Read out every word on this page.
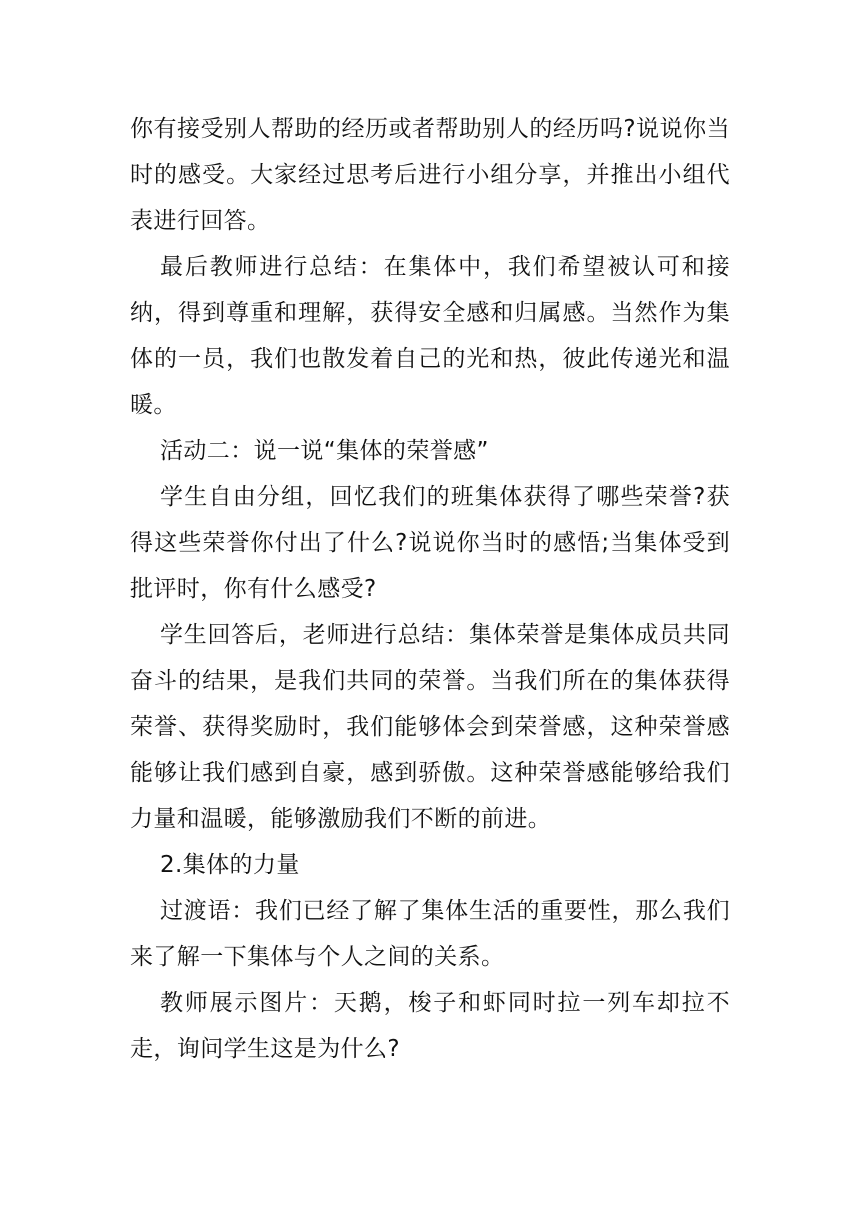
你有接受别人帮助的经历或者帮助别人的经历吗?说说你当时的感受。大家经过思考后进行小组分享，并推出小组代表进行回答。

最后教师进行总结：在集体中，我们希望被认可和接纳，得到尊重和理解，获得安全感和归属感。当然作为集体的一员，我们也散发着自己的光和热，彼此传递光和温暖。

活动二：说一说“集体的荣誉感”

学生自由分组，回忆我们的班集体获得了哪些荣誉?获得这些荣誉你付出了什么?说说你当时的感悟;当集体受到批评时，你有什么感受?

学生回答后，老师进行总结：集体荣誉是集体成员共同奋斗的结果，是我们共同的荣誉。当我们所在的集体获得荣誉、获得奖励时，我们能够体会到荣誉感，这种荣誉感能够让我们感到自豪，感到骄傲。这种荣誉感能够给我们力量和温暖，能够激励我们不断的前进。

2.集体的力量

过渡语：我们已经了解了集体生活的重要性，那么我们来了解一下集体与个人之间的关系。

教师展示图片：天鹅，梭子和虾同时拉一列车却拉不走，询问学生这是为什么?
